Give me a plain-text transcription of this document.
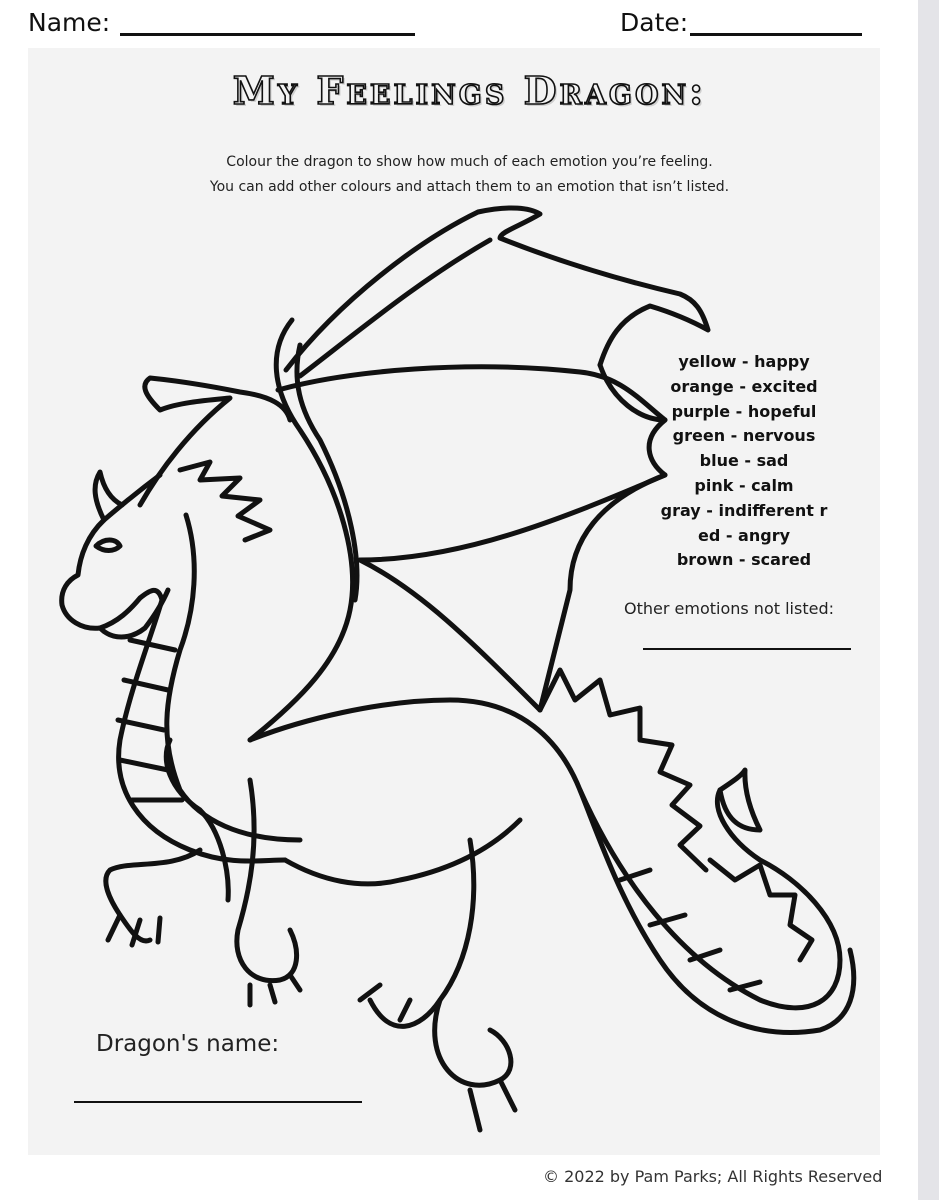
Name:	Date:
My Feelings Dragon:
Colour the dragon to show how much of each emotion you’re feeling.
You can add other colours and attach them to an emotion that isn’t listed.
yellow - happy
orange - excited
purple - hopeful
green - nervous
blue - sad
pink - calm
gray - indifferent r
ed - angry
brown - scared
Other emotions not listed:
Dragon's name:
© 2022 by Pam Parks; All Rights Reserved
